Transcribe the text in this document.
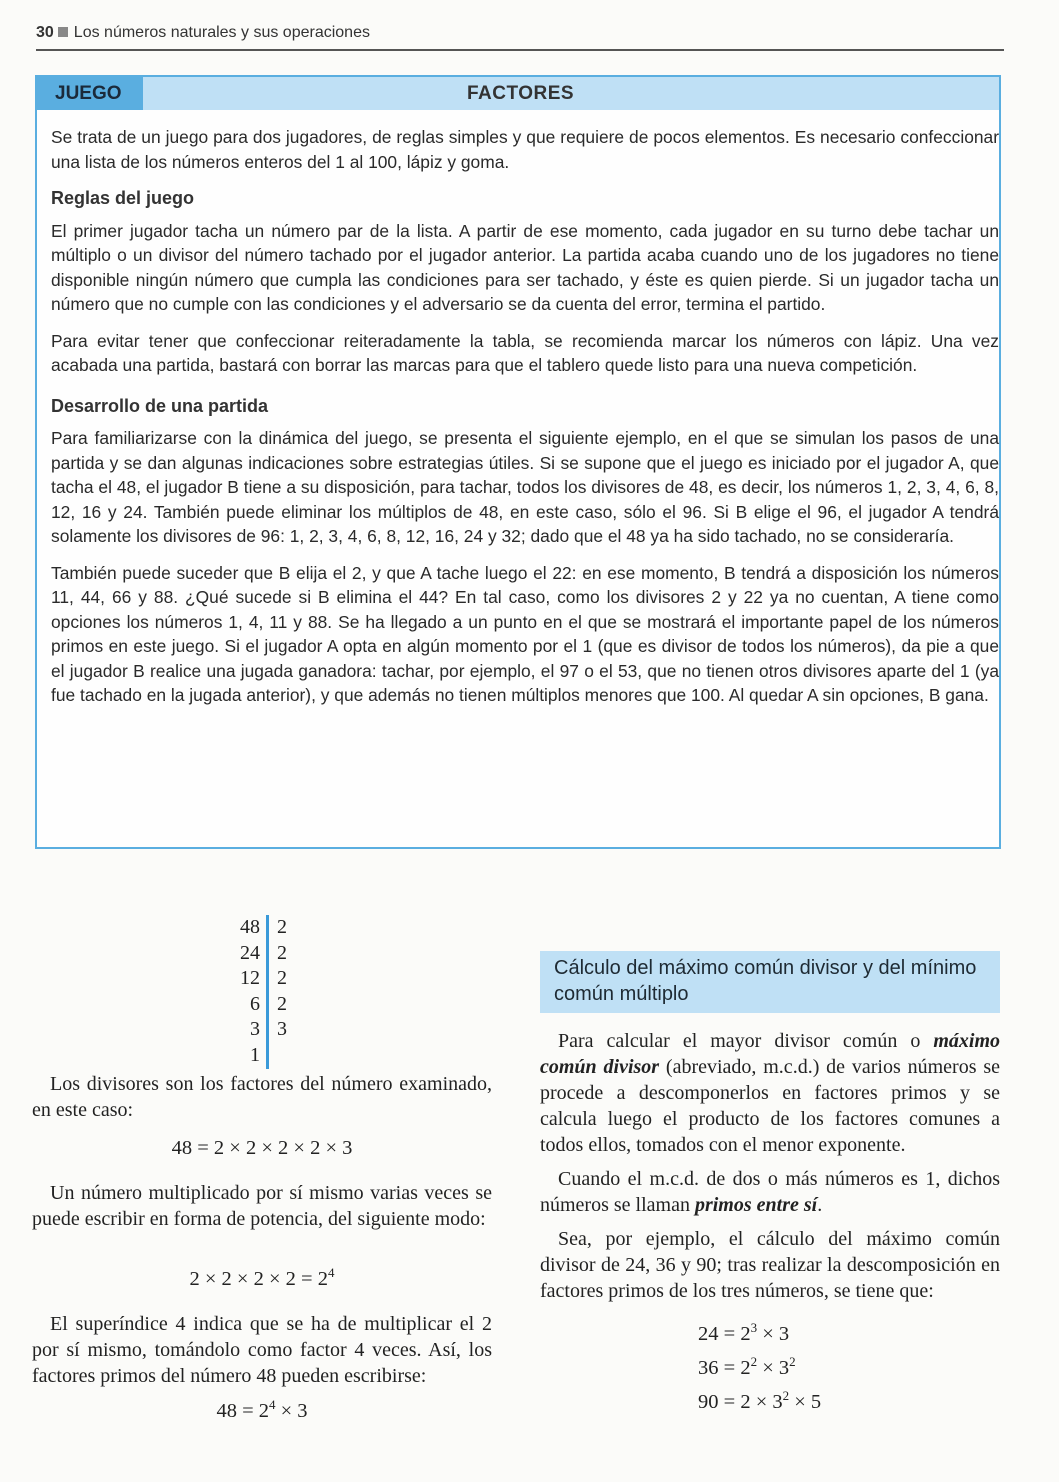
30 Los números naturales y sus operaciones
JUEGO	FACTORES

Se trata de un juego para dos jugadores, de reglas simples y que requiere de pocos elementos. Es necesario confeccionar una lista de los números enteros del 1 al 100, lápiz y goma.

Reglas del juego

El primer jugador tacha un número par de la lista. A partir de ese momento, cada jugador en su turno debe tachar un múltiplo o un divisor del número tachado por el jugador anterior. La partida acaba cuando uno de los jugadores no tiene disponible ningún número que cumpla las condiciones para ser tachado, y éste es quien pierde. Si un jugador tacha un número que no cumple con las condiciones y el adversario se da cuenta del error, termina el partido.

Para evitar tener que confeccionar reiteradamente la tabla, se recomienda marcar los números con lápiz. Una vez acabada una partida, bastará con borrar las marcas para que el tablero quede listo para una nueva competición.

Desarrollo de una partida

Para familiarizarse con la dinámica del juego, se presenta el siguiente ejemplo, en el que se simulan los pasos de una partida y se dan algunas indicaciones sobre estrategias útiles. Si se supone que el juego es iniciado por el jugador A, que tacha el 48, el jugador B tiene a su disposición, para tachar, todos los divisores de 48, es decir, los números 1, 2, 3, 4, 6, 8, 12, 16 y 24. También puede eliminar los múltiplos de 48, en este caso, sólo el 96. Si B elige el 96, el jugador A tendrá solamente los divisores de 96: 1, 2, 3, 4, 6, 8, 12, 16, 24 y 32; dado que el 48 ya ha sido tachado, no se consideraría.

También puede suceder que B elija el 2, y que A tache luego el 22: en ese momento, B tendrá a disposición los números 11, 44, 66 y 88. ¿Qué sucede si B elimina el 44? En tal caso, como los divisores 2 y 22 ya no cuentan, A tiene como opciones los números 1, 4, 11 y 88. Se ha llegado a un punto en el que se mostrará el importante papel de los números primos en este juego. Si el jugador A opta en algún momento por el 1 (que es divisor de todos los números), da pie a que el jugador B realice una jugada ganadora: tachar, por ejemplo, el 97 o el 53, que no tienen otros divisores aparte del 1 (ya fue tachado en la jugada anterior), y que además no tienen múltiplos menores que 100. Al quedar A sin opciones, B gana.

48 2
24 2
12 2
6 2
3 3
1

Los divisores son los factores del número examinado, en este caso:

48 = 2 × 2 × 2 × 2 × 3

Un número multiplicado por sí mismo varias veces se puede escribir en forma de potencia, del siguiente modo:

$2 \times 2 \times 2 \times 2 = 2^4$

El superíndice 4 indica que se ha de multiplicar el 2 por sí mismo, tomándolo como factor 4 veces. Así, los factores primos del número 48 pueden escribirse:

$48 = 2^4 \times 3$
Cálculo del máximo común divisor y del mínimo común múltiplo

Para calcular el mayor divisor común o máximo común divisor (abreviado, m.c.d.) de varios números se procede a descomponerlos en factores primos y se calcula luego el producto de los factores comunes a todos ellos, tomados con el menor exponente.

Cuando el m.c.d. de dos o más números es 1, dichos números se llaman primos entre sí.

Sea, por ejemplo, el cálculo del máximo común divisor de 24, 36 y 90; tras realizar la descomposición en factores primos de los tres números, se tiene que:

$24 = 2^3 \times 3$
$36 = 2^2 \times 3^2$
$90 = 2 \times 3^2 \times 5$
